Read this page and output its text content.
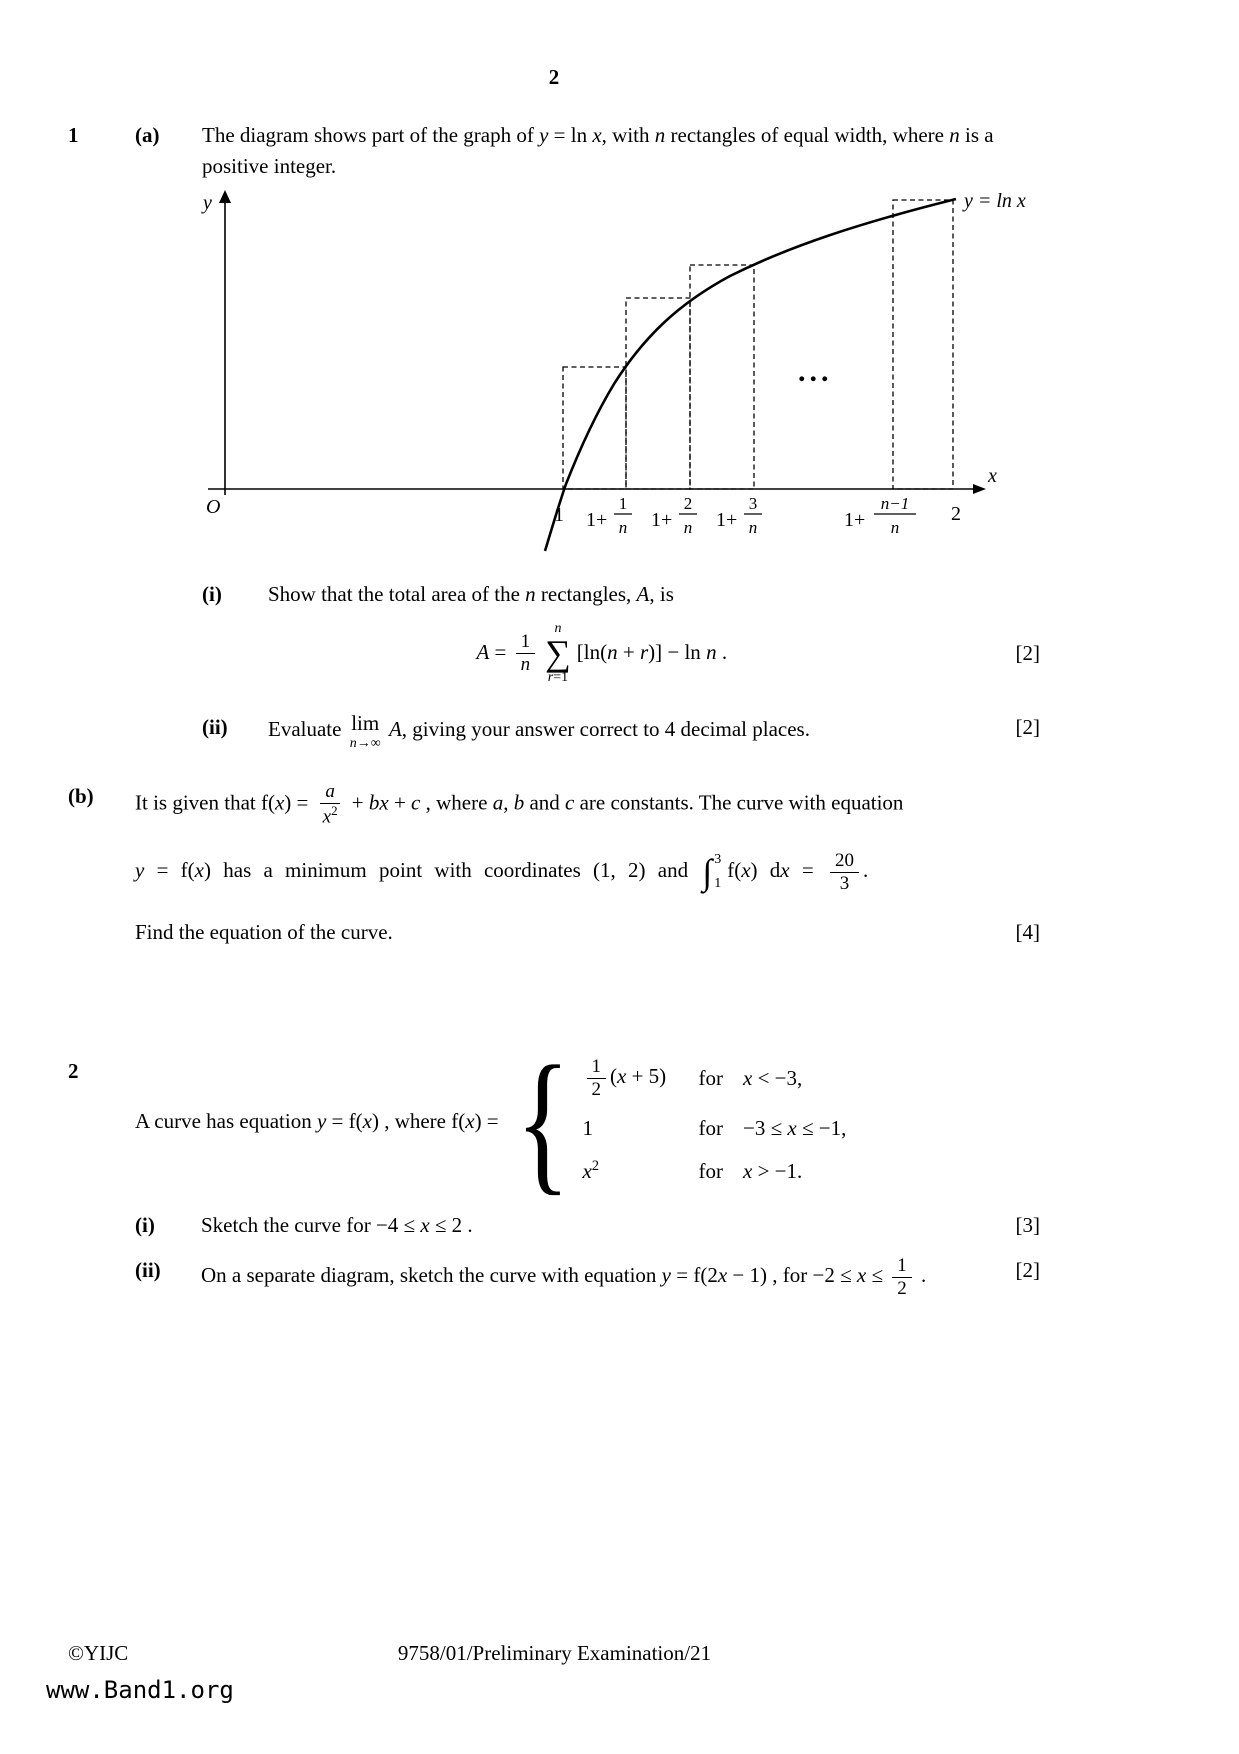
2
1	(a)	The diagram shows part of the graph of y = ln x, with n rectangles of equal width, where n is a positive integer.
y
x
O
y = ln x
...
1 1+
1
n 1+
2
n 1+
3
n	1+
n−1
n
2
(i)	Show that the total area of the n rectangles, A, is
$A = \frac{1}{n}$
n
∑
r=1
[ln(n + r)] − ln n .	[2]
(ii)	Evaluate lim
n→∞
A, giving your answer correct to 4 decimal places.	[2]
(b)	It is given that $f(x) = \frac{a}{x^2}$ + bx + c , where a, b and c are constants. The curve with equation
y = f(x) has a minimum point with coordinates (1, 2) and ∫ 3
1
f(x) dx = $\frac{20}{3}$ .
Find the equation of the curve.	[4]
2
A curve has equation y = f(x) , where f(x) = { $\frac{1}{2} (x + 5)$	for x < −3,
1	for −3 ≤ x ≤ −1,
$x^2$	for x > −1.
(i)	Sketch the curve for −4 ≤ x ≤ 2 .	[3]
(ii)	On a separate diagram, sketch the curve with equation y = f(2x − 1) , for $-2 \le x \le \frac{1}{2}$ .	[2]
©YIJC	9758/01/Preliminary Examination/21
www.Band1.org
